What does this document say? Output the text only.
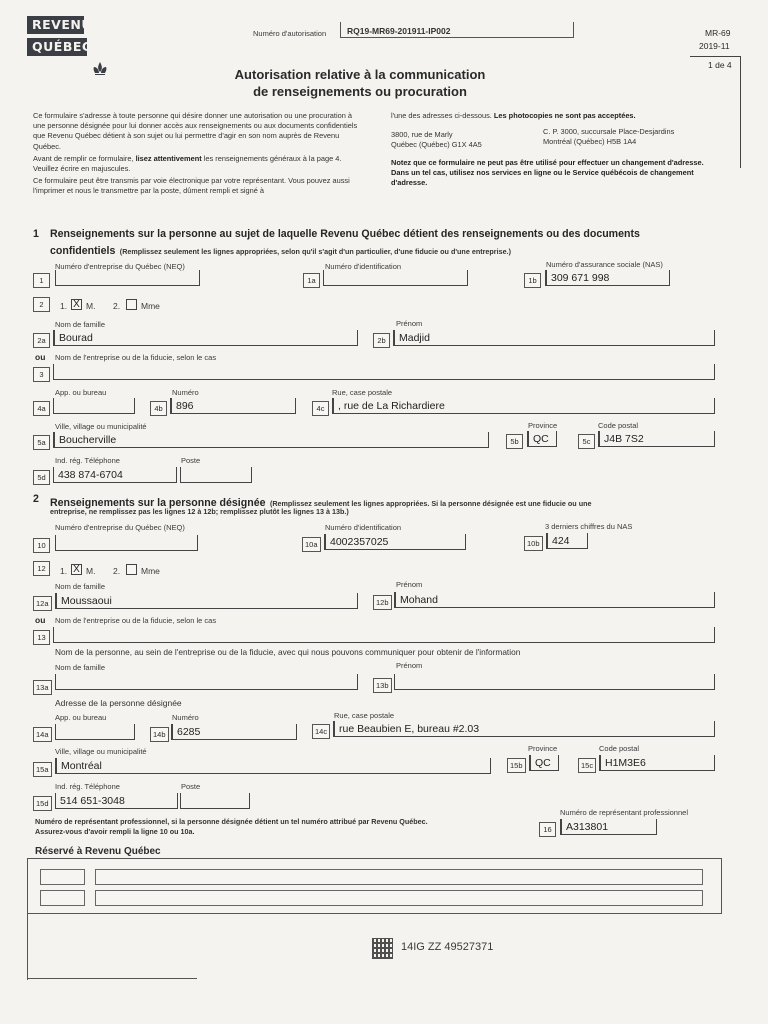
REVENU
QUÉBEC
Numéro d'autorisation	RQ19-MR69-201911-IP002	MR-69
2019-11
1 de 4
Autorisation relative à la communication
de renseignements ou procuration
Ce formulaire s'adresse à toute personne qui désire donner une autorisation ou une procuration à une personne désignée pour lui donner accès aux renseignements ou aux documents confidentiels que Revenu Québec détient à son sujet ou lui permettre d'agir en son nom auprès de Revenu Québec.
Avant de remplir ce formulaire, lisez attentivement les renseignements généraux à la page 4. Veuillez écrire en majuscules.
Ce formulaire peut être transmis par voie électronique par votre représentant. Vous pouvez aussi l'imprimer et nous le transmettre par la poste, dûment rempli et signé à
l'une des adresses ci-dessous. Les photocopies ne sont pas acceptées.
3800, rue de Marly
Québec (Québec) G1X 4A5
C. P. 3000, succursale Place-Desjardins
Montréal (Québec) H5B 1A4
Notez que ce formulaire ne peut pas être utilisé pour effectuer un changement d'adresse. Dans un tel cas, utilisez nos services en ligne ou le Service québécois de changement d'adresse.
1 Renseignements sur la personne au sujet de laquelle Revenu Québec détient des renseignements ou des documents
confidentiels (Remplissez seulement les lignes appropriées, selon qu'il s'agit d'un particulier, d'une fiducie ou d'une entreprise.)
Numéro d'entreprise du Québec (NEQ)	Numéro d'identification	Numéro d'assurance sociale (NAS)
1	1a	1b	309 671 998
2	1. X M. 2. Mme
Nom de famille	Prénom
2a	Bourad	2b	Madjid
ou Nom de l'entreprise ou de la fiducie, selon le cas
3
App. ou bureau	Numéro	Rue, case postale
4a	4b	896	4c	, rue de La Richardiere
Ville, village ou municipalité	Province	Code postal
5a	Boucherville	5b	QC	5c	J4B 7S2
Ind. rég. Téléphone	Poste
5d	438 874-6704
2 Renseignements sur la personne désignée (Remplissez seulement les lignes appropriées. Si la personne désignée est une fiducie ou une
entreprise, ne remplissez pas les lignes 12 à 12b; remplissez plutôt les lignes 13 à 13b.)
Numéro d'entreprise du Québec (NEQ)	Numéro d'identification	3 derniers chiffres du NAS
10	10a	4002357025	10b	424
12	1. X M. 2. Mme
Nom de famille	Prénom
12a	Moussaoui	12b	Mohand
ou Nom de l'entreprise ou de la fiducie, selon le cas
13
Nom de la personne, au sein de l'entreprise ou de la fiducie, avec qui nous pouvons communiquer pour obtenir de l'information
Nom de famille	Prénom
13a	13b
Adresse de la personne désignée
App. ou bureau	Numéro	Rue, case postale
14a	14b	6285	14c	rue Beaubien E, bureau #2.03
Ville, village ou municipalité	Province	Code postal
15a	Montréal	15b	QC	15c	H1M3E6
Ind. rég. Téléphone	Poste
15d	514 651-3048
Numéro de représentant professionnel
Numéro de représentant professionnel, si la personne désignée détient un tel numéro attribué par Revenu Québec.
Assurez-vous d'avoir rempli la ligne 10 ou 10a.	16	A313801
Réservé à Revenu Québec
14IG ZZ 49527371
